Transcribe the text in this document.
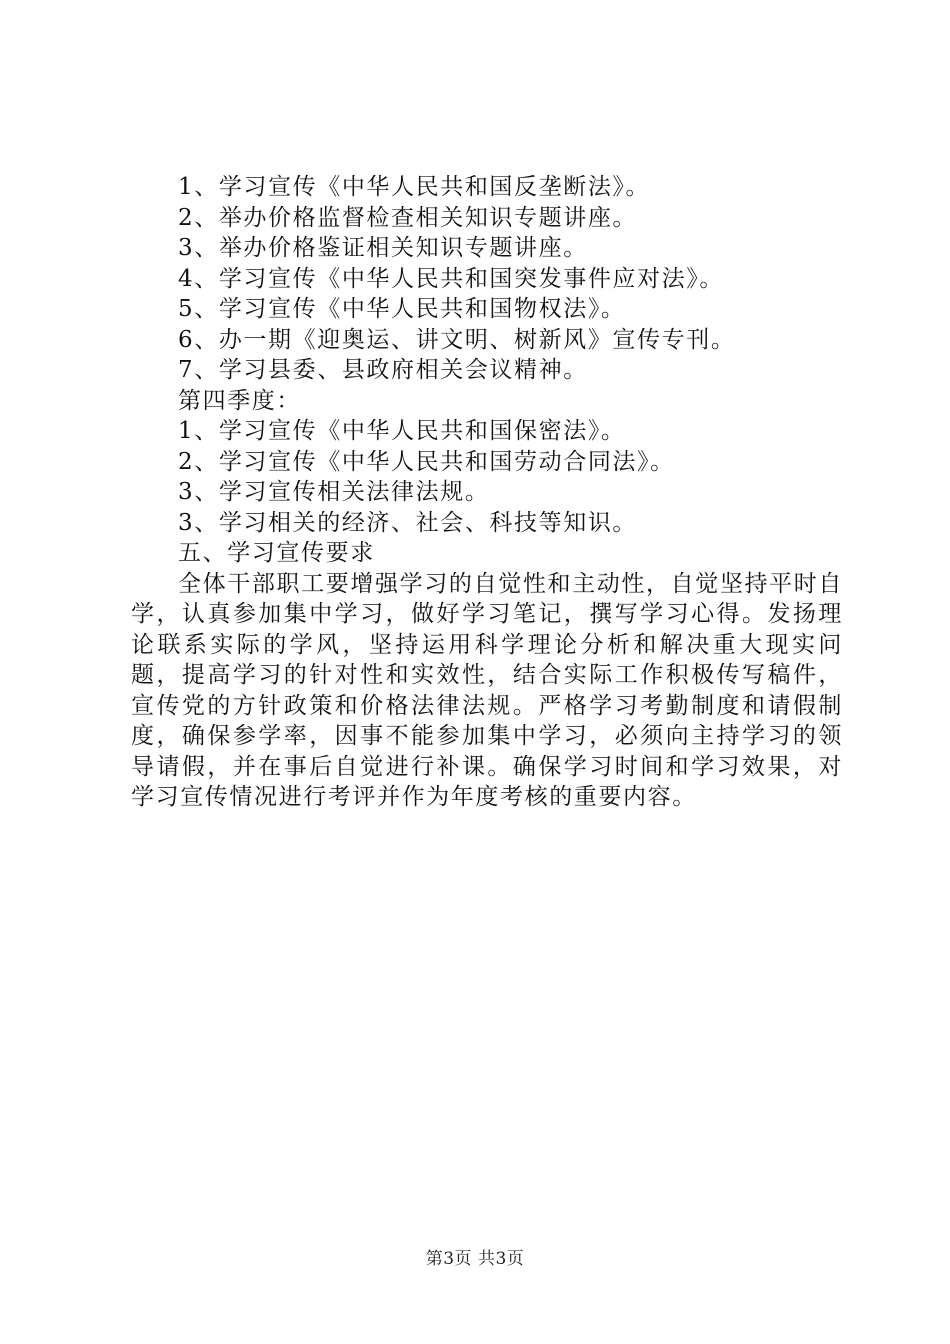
1、学习宣传《中华人民共和国反垄断法》。

2、举办价格监督检查相关知识专题讲座。

3、举办价格鉴证相关知识专题讲座。

4、学习宣传《中华人民共和国突发事件应对法》。

5、学习宣传《中华人民共和国物权法》。

6、办一期《迎奥运、讲文明、树新风》宣传专刊。

7、学习县委、县政府相关会议精神。

第四季度：

1、学习宣传《中华人民共和国保密法》。

2、学习宣传《中华人民共和国劳动合同法》。

3、学习宣传相关法律法规。

3、学习相关的经济、社会、科技等知识。

五、学习宣传要求

全体干部职工要增强学习的自觉性和主动性，自觉坚持平时自学，认真参加集中学习，做好学习笔记，撰写学习心得。发扬理论联系实际的学风，坚持运用科学理论分析和解决重大现实问题，提高学习的针对性和实效性，结合实际工作积极传写稿件，宣传党的方针政策和价格法律法规。严格学习考勤制度和请假制度，确保参学率，因事不能参加集中学习，必须向主持学习的领导请假，并在事后自觉进行补课。确保学习时间和学习效果，对学习宣传情况进行考评并作为年度考核的重要内容。

第3页 共3页
